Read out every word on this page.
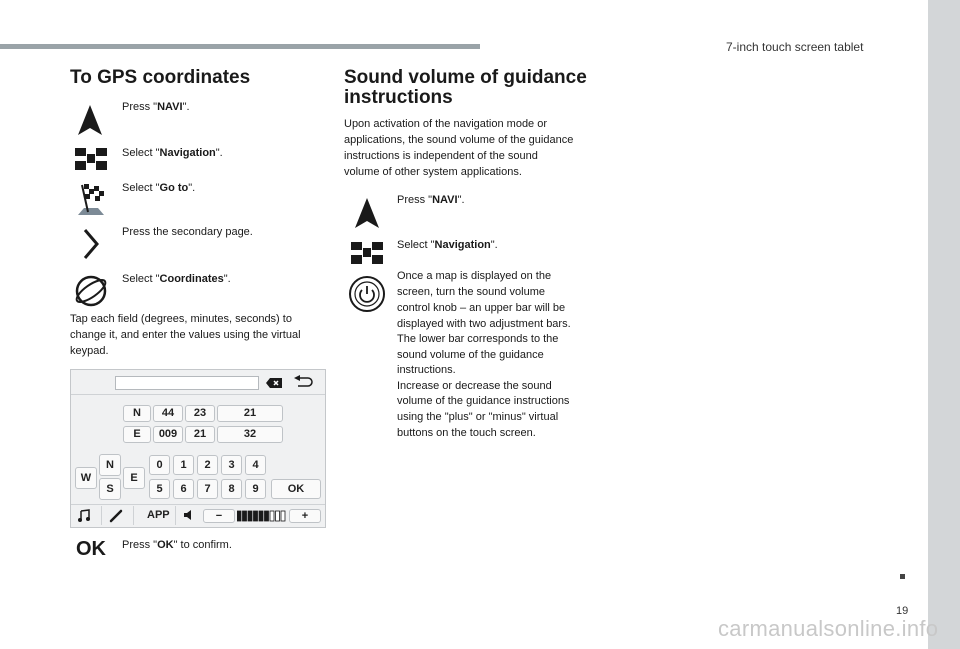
7-inch touch screen tablet
19
carmanualsonline.info
To GPS coordinates
Press "NAVI".
Select "Navigation".
Select "Go to".
Press the secondary page.
Select "Coordinates".
Tap each field (degrees, minutes, seconds) to
change it, and enter the values using the virtual
keypad.
N	44	23	21
E	009	21	32
W
N
E
S
0	1	2	3	4
5	6	7	8	9	OK
APP	−	+
OK Press "OK" to confirm.
Sound volume of guidance
instructions
Upon activation of the navigation mode or
applications, the sound volume of the guidance
instructions is independent of the sound
volume of other system applications.
Press "NAVI".
Select "Navigation".
Once a map is displayed on the
screen, turn the sound volume
control knob – an upper bar will be
displayed with two adjustment bars.
The lower bar corresponds to the
sound volume of the guidance
instructions.
Increase or decrease the sound
volume of the guidance instructions
using the "plus" or "minus" virtual
buttons on the touch screen.
